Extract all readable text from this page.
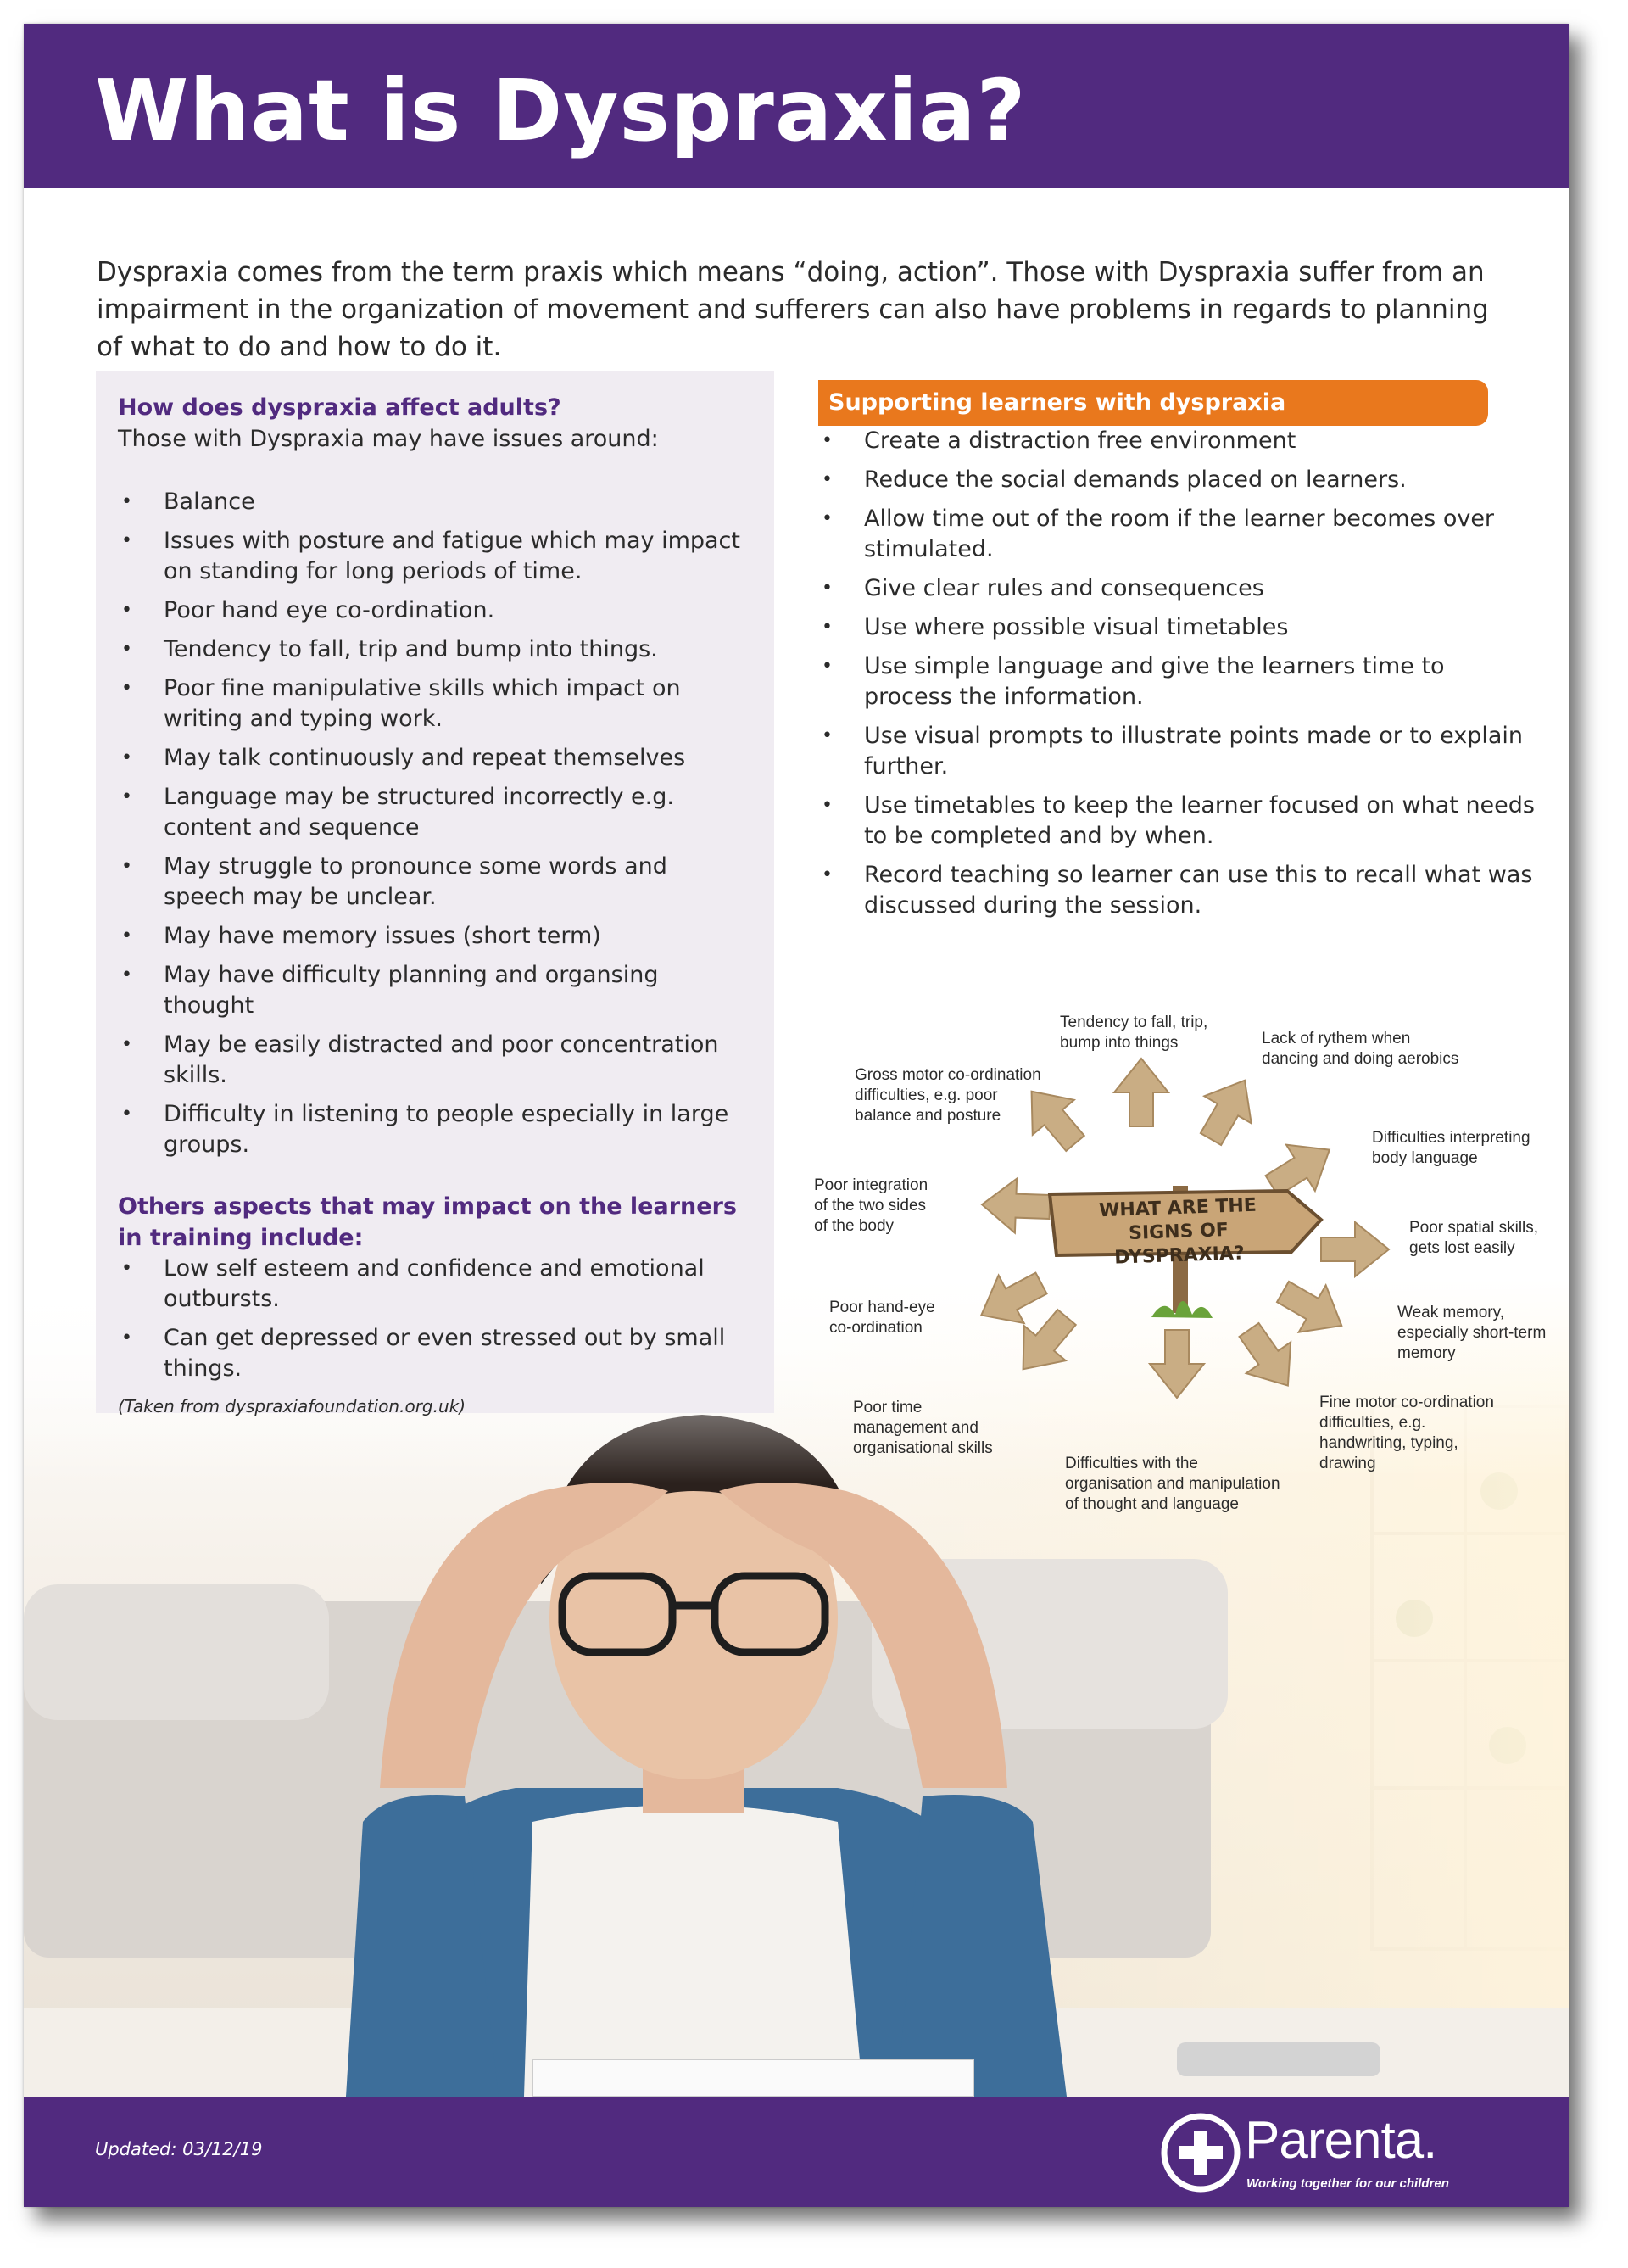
What is Dyspraxia?

Dyspraxia comes from the term praxis which means “doing, action”. Those with Dyspraxia suffer from an impairment in the organization of movement and sufferers can also have problems in regards to planning of what to do and how to do it.

How does dyspraxia affect adults?

Those with Dyspraxia may have issues around:

• Balance
• Issues with posture and fatigue which may impact on standing for long periods of time.
• Poor hand eye co-ordination.
• Tendency to fall, trip and bump into things.
• Poor fine manipulative skills which impact on writing and typing work.
• May talk continuously and repeat themselves
• Language may be structured incorrectly e.g. content and sequence
• May struggle to pronounce some words and speech may be unclear.
• May have memory issues (short term)
• May have difficulty planning and organsing thought
• May be easily distracted and poor concentration skills.
• Difficulty in listening to people especially in large groups.

Others aspects that may impact on the learners in training include:

• Low self esteem and confidence and emotional outbursts.
• Can get depressed or even stressed out by small things.
(Taken from dyspraxiafoundation.org.uk)
Supporting learners with dyspraxia
• Create a distraction free environment
• Reduce the social demands placed on learners.
• Allow time out of the room if the learner becomes over stimulated.
• Give clear rules and consequences
• Use where possible visual timetables
• Use simple language and give the learners time to process the information.
• Use visual prompts to illustrate points made or to explain further.
• Use timetables to keep the learner focused on what needs to be completed and by when.
• Record teaching so learner can use this to recall what was discussed during the session.
WHAT ARE THE SIGNS OF DYSPRAXIA?
Tendency to fall, trip,
bump into things	Lack of rythem when
dancing and doing aerobics
Gross motor co-ordination
difficulties, e.g. poor
balance and posture
Difficulties interpreting
body language
Poor integration
of the two sides
of the body	Poor spatial skills,
gets lost easily
Poor hand-eye
co-ordination
Weak memory,
especially short-term
memory
Poor time
management and
organisational skills
Fine motor co-ordination
difficulties, e.g.
handwriting, typing,
drawing
Difficulties with the
organisation and manipulation
of thought and language
Updated: 03/12/19	Parenta.
Working together for our children
